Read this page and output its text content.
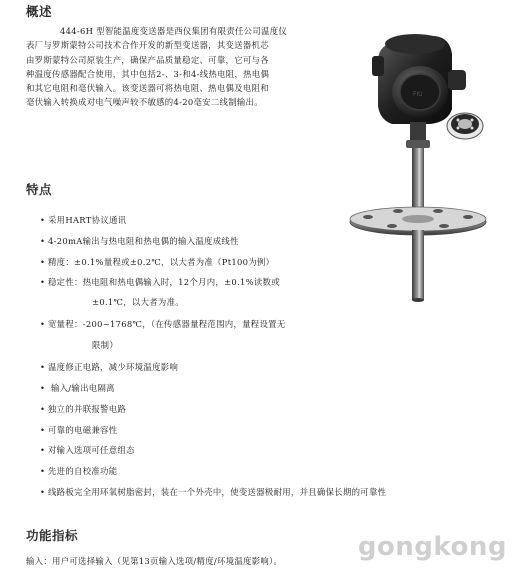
概述
444-6H 型智能温度变送器是西仪集团有限责任公司温度仪
表厂与罗斯蒙特公司技术合作开发的新型变送器，其变送器机芯
由罗斯蒙特公司原装生产，确保产品质量稳定、可靠，它可与各
种温度传感器配合使用，其中包括2-、3-和4-线热电阻，热电偶
和其它电阻和毫伏输入。该变送器可将热电阻、热电偶及电阻和
毫伏输入转换成对电气噪声较不敏感的4-20毫安二线制输出。
FIU
特点
• 采用HART协议通讯
• 4-20mA输出与热电阻和热电偶的输入温度成线性
• 精度：±0.1%量程或±0.2℃，以大者为准（Pt100为例）
• 稳定性：热电阻和热电偶输入时，12个月内，±0.1%读数或
±0.1℃，以大者为准。
• 宽量程：-200~1768℃，（在传感器量程范围内，量程设置无
限制）
• 温度修正电路，减少环境温度影响
• 输入/输出电隔离
• 独立的并联报警电路
• 可靠的电磁兼容性
• 对输入选项可任意组态
• 先进的自校准功能
• 线路板完全用环氧树脂密封，装在一个外壳中，使变送器极耐用，并且确保长期的可靠性
功能指标
输入：用户可选择输入（见第13页输入选项/精度/环境温度影响）。	gongkong
